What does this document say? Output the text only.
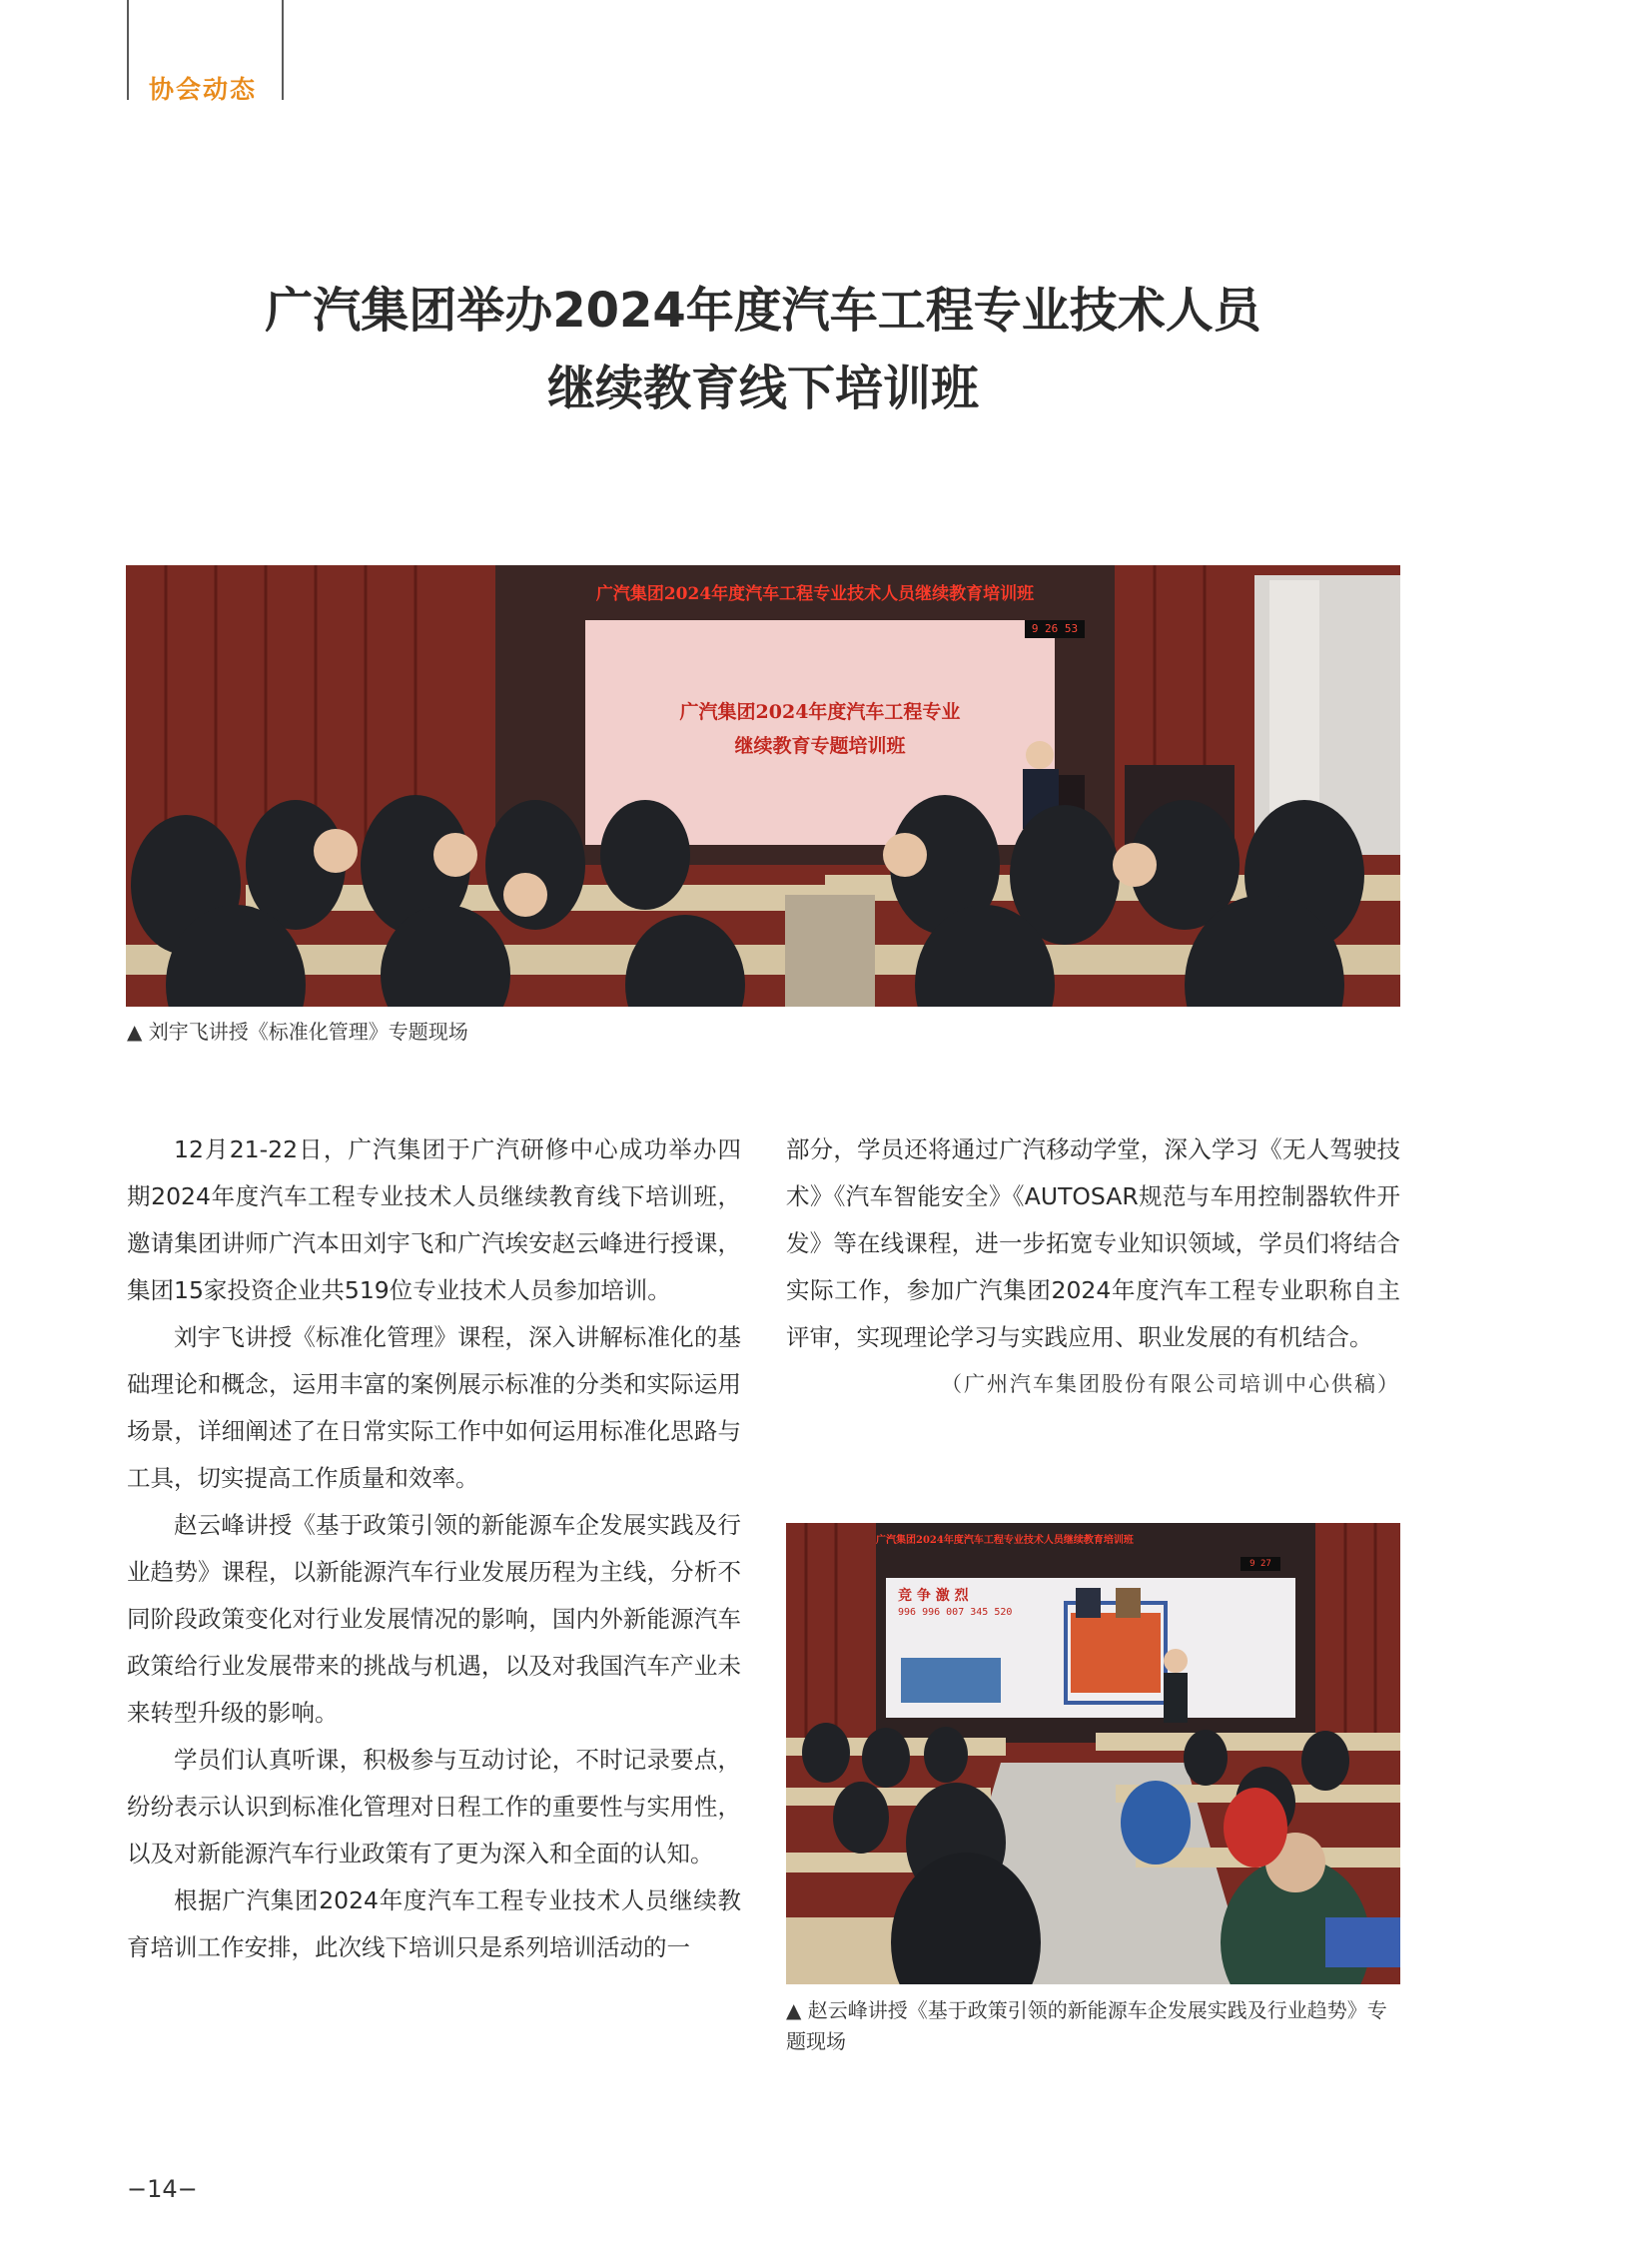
协会动态
广汽集团举办2024年度汽车工程专业技术人员
继续教育线下培训班
广汽集团2024年度汽车工程专业技术人员继续教育培训班
9 26 53
广汽集团2024年度汽车工程专业
继续教育专题培训班
▲ 刘宇飞讲授《标准化管理》专题现场

12月21-22日，广汽集团于广汽研修中心成功举办四期2024年度汽车工程专业技术人员继续教育线下培训班，邀请集团讲师广汽本田刘宇飞和广汽埃安赵云峰进行授课，集团15家投资企业共519位专业技术人员参加培训。

刘宇飞讲授《标准化管理》课程，深入讲解标准化的基础理论和概念，运用丰富的案例展示标准的分类和实际运用场景，详细阐述了在日常实际工作中如何运用标准化思路与工具，切实提高工作质量和效率。

赵云峰讲授《基于政策引领的新能源车企发展实践及行业趋势》课程，以新能源汽车行业发展历程为主线，分析不同阶段政策变化对行业发展情况的影响，国内外新能源汽车政策给行业发展带来的挑战与机遇，以及对我国汽车产业未来转型升级的影响。

学员们认真听课，积极参与互动讨论，不时记录要点，纷纷表示认识到标准化管理对日程工作的重要性与实用性，以及对新能源汽车行业政策有了更为深入和全面的认知。

根据广汽集团2024年度汽车工程专业技术人员继续教育培训工作安排，此次线下培训只是系列培训活动的一

部分，学员还将通过广汽移动学堂，深入学习《无人驾驶技术》《汽车智能安全》《AUTOSAR规范与车用控制器软件开发》等在线课程，进一步拓宽专业知识领域，学员们将结合实际工作，参加广汽集团2024年度汽车工程专业职称自主评审，实现理论学习与实践应用、职业发展的有机结合。

（广州汽车集团股份有限公司培训中心供稿）

广汽集团2024年度汽车工程专业技术人员继续教育培训班
9 27
竞 争 激 烈
996 996 007 345 520
▲ 赵云峰讲授《基于政策引领的新能源车企发展实践及行业趋势》专题现场
−14−
